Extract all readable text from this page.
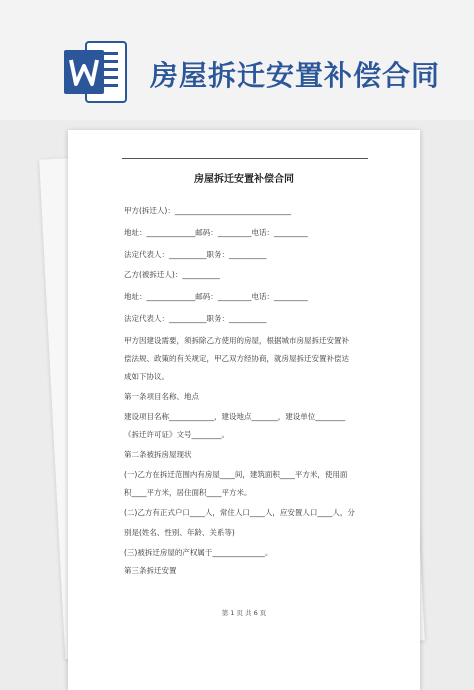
房屋拆迁安置补偿合同
房屋拆迁安置补偿合同
甲方(拆迁人)：_______________________________
地址：_____________邮码：_________电话：_________
法定代表人：__________职务：__________
乙方(被拆迁人)：__________
地址：_____________邮码：_________电话：_________
法定代表人：__________职务：__________
甲方因建设需要，须拆除乙方使用的房屋，根据城市房屋拆迁安置补
偿法规、政策的有关规定，甲乙双方经协商，就房屋拆迁安置补偿达
成如下协议。
第一条项目名称、地点
建设项目名称____________，建设地点_______，建设单位________
《拆迁许可证》文号________。
第二条被拆房屋现状
(一)乙方在拆迁范围内有房屋____间，建筑面积____平方米，使用面
积____平方米，居住面积____平方米。
(二)乙方有正式户口____人，常住人口____人，应安置人口____人，分
别是(姓名、性别、年龄、关系等)
(三)被拆迁房屋的产权属于______________。
第三条拆迁安置
第 1 页 共 6 页
